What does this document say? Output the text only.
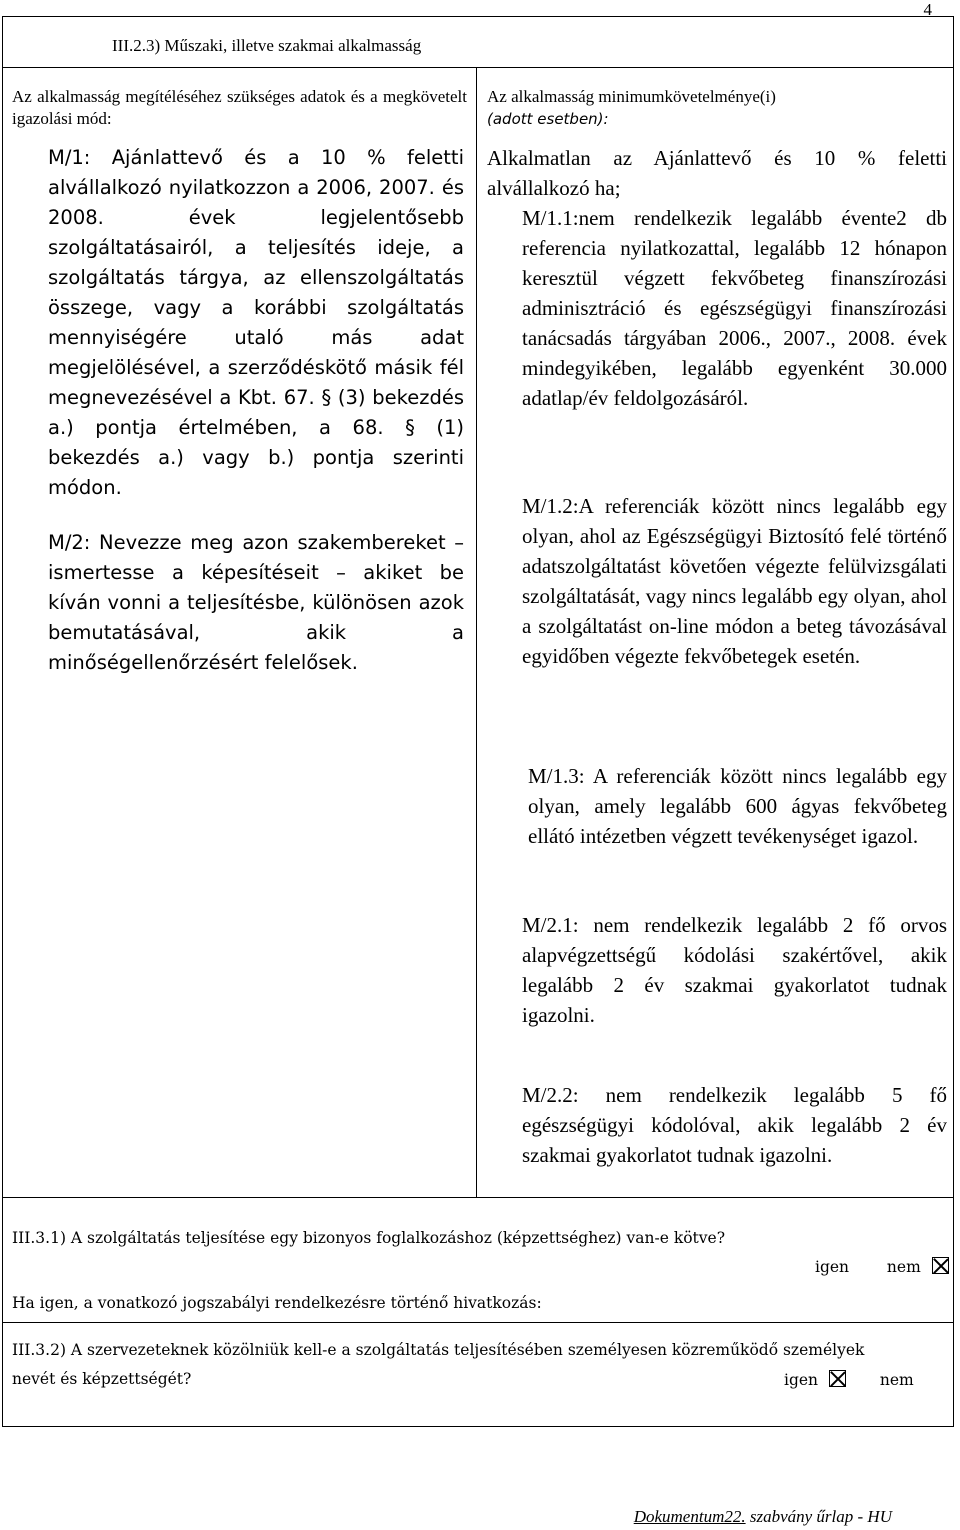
4
III.2.3) Műszaki, illetve szakmai alkalmasság
Az alkalmasság megítéléséhez szükséges adatok és a megkövetelt igazolási mód:
Az alkalmasság minimumkövetelménye(i)
(adott esetben):
M/1: Ajánlattevő és a 10 % feletti alvállalkozó nyilatkozzon a 2006, 2007. és 2008. évek legjelentősebb szolgáltatásairól, a teljesítés ideje, a szolgáltatás tárgya, az ellenszolgáltatás összege, vagy a korábbi szolgáltatás mennyiségére utaló más adat megjelölésével, a szerződéskötő másik fél megnevezésével a Kbt. 67. § (3) bekezdés a.) pontja értelmében, a 68. § (1) bekezdés a.) vagy b.) pontja szerinti módon.
M/2: Nevezze meg azon szakembereket – ismertesse a képesítéseit – akiket be kíván vonni a teljesítésbe, különösen azok bemutatásával, akik a minőségellenőrzésért felelősek.
Alkalmatlan az Ajánlattevő és 10 % feletti alvállalkozó ha;
M/1.1:nem rendelkezik legalább évente2 db referencia nyilatkozattal, legalább 12 hónapon keresztül végzett fekvőbeteg finanszírozási adminisztráció és egészségügyi finanszírozási tanácsadás tárgyában 2006., 2007., 2008. évek mindegyikében, legalább egyenként 30.000 adatlap/év feldolgozásáról.
M/1.2:A referenciák között nincs legalább egy olyan, ahol az Egészségügyi Biztosító felé történő adatszolgáltatást követően végezte felülvizsgálati szolgáltatását, vagy nincs legalább egy olyan, ahol a szolgáltatást on-line módon a beteg távozásával egyidőben végezte fekvőbetegek esetén.
M/1.3: A referenciák között nincs legalább egy olyan, amely legalább 600 ágyas fekvőbeteg ellátó intézetben végzett tevékenységet igazol.
M/2.1: nem rendelkezik legalább 2 fő orvos alapvégzettségű kódolási szakértővel, akik legalább 2 év szakmai gyakorlatot tudnak igazolni.
M/2.2: nem rendelkezik legalább 5 fő egészségügyi kódolóval, akik legalább 2 év szakmai gyakorlatot tudnak igazolni.
III.3.1) A szolgáltatás teljesítése egy bizonyos foglalkozáshoz (képzettséghez) van-e kötve?
igen nem
Ha igen, a vonatkozó jogszabályi rendelkezésre történő hivatkozás:
III.3.2) A szervezeteknek közölniük kell-e a szolgáltatás teljesítésében személyesen közreműködő személyek
nevét és képzettségét?	igen	nem
Dokumentum22. szabvány űrlap - HU
